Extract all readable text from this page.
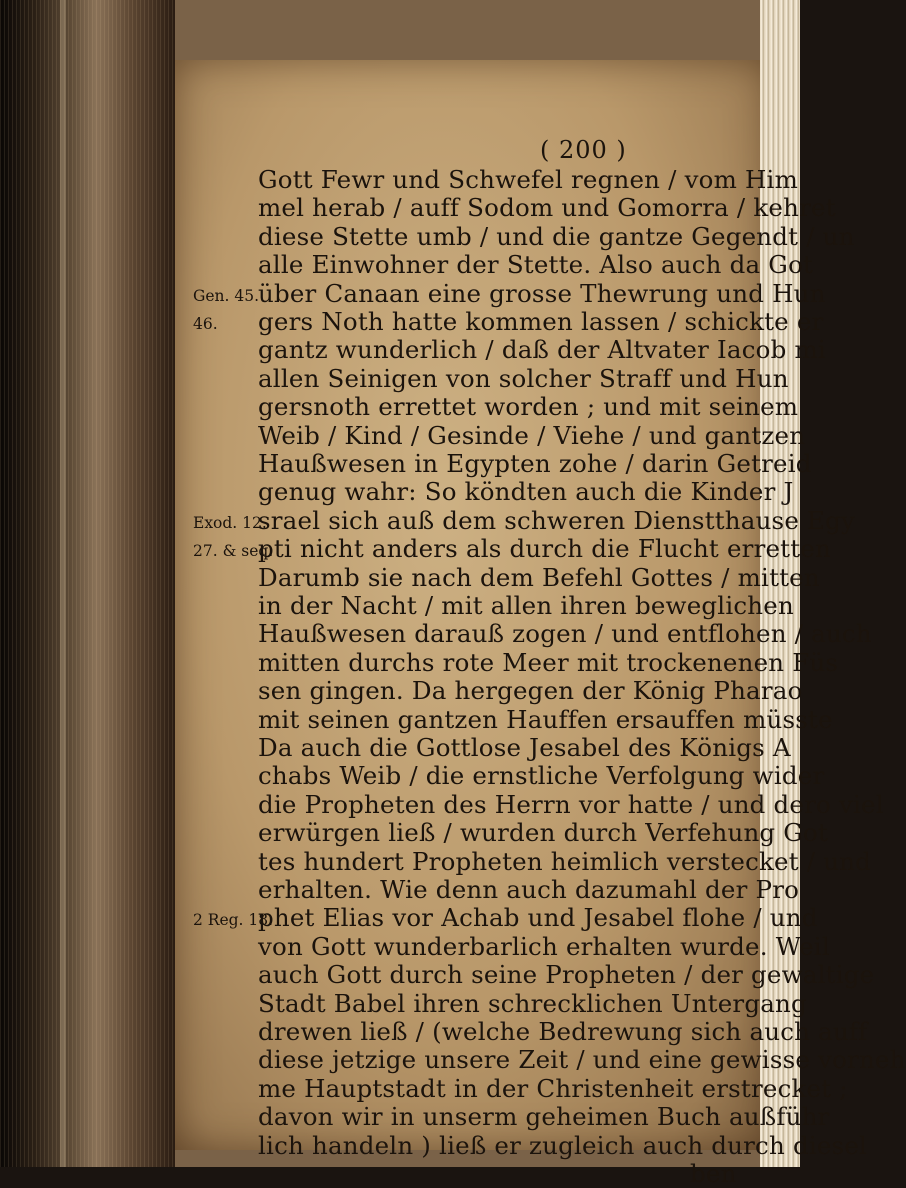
( 200 )
Gott Fewr und Schwefel regnen / vom Him
mel herab / auff Sodom und Gomorra / kehret
diese Stette umb / und die gantze Gegendt / un
alle Einwohner der Stette. Also auch da Got
über Canaan eine grosse Thewrung und Hun
gers Noth hatte kommen lassen / schickte er
gantz wunderlich / daß der Altvater Iacob mi
allen Seinigen von solcher Straff und Hun
gersnoth errettet worden ; und mit seinem
Weib / Kind / Gesinde / Viehe / und gantzen
Haußwesen in Egypten zohe / darin Getreid
genug wahr: So köndten auch die Kinder J
srael sich auß dem schweren Dienstthause Egy
pti nicht anders als durch die Flucht erretten
Darumb sie nach dem Befehl Gottes / mitten
in der Nacht / mit allen ihren beweglichen
Haußwesen darauß zogen / und entflohen / auch
mitten durchs rote Meer mit trockenenen Füs
sen gingen. Da hergegen der König Pharao
mit seinen gantzen Hauffen ersauffen müsste
Da auch die Gottlose Jesabel des Königs A
chabs Weib / die ernstliche Verfolgung wider
die Propheten des Herrn vor hatte / und dero viel
erwürgen ließ / wurden durch Verfehung Got
tes hundert Propheten heimlich verstecket / und
erhalten. Wie denn auch dazumahl der Pro
phet Elias vor Achab und Jesabel flohe / und
von Gott wunderbarlich erhalten wurde. Weil
auch Gott durch seine Propheten / der gewaltige
Stadt Babel ihren schrecklichen Untergang
drewen ließ / (welche Bedrewung sich auch auff
diese jetzige unsere Zeit / und eine gewisse vorneh
me Hauptstadt in der Christenheit erstrecket ;
davon wir in unserm geheimen Buch außführ
lich handeln ) ließ er zugleich auch durch diesel
ben
Gen. 45.
46.
Exod. 12.
27. & seq.
2 Reg. 18.
